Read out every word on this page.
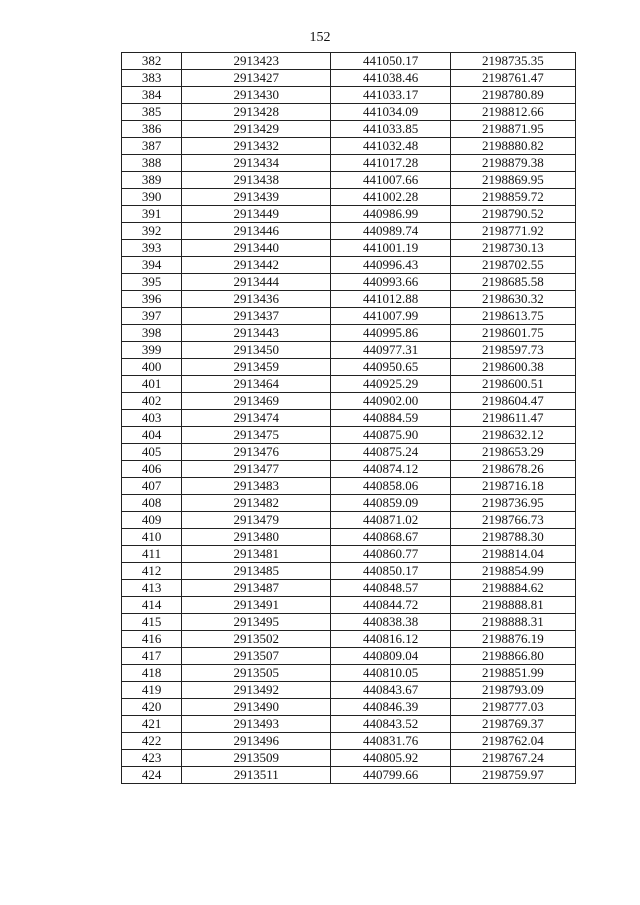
152
382	2913423	441050.17	2198735.35
383	2913427	441038.46	2198761.47
384	2913430	441033.17	2198780.89
385	2913428	441034.09	2198812.66
386	2913429	441033.85	2198871.95
387	2913432	441032.48	2198880.82
388	2913434	441017.28	2198879.38
389	2913438	441007.66	2198869.95
390	2913439	441002.28	2198859.72
391	2913449	440986.99	2198790.52
392	2913446	440989.74	2198771.92
393	2913440	441001.19	2198730.13
394	2913442	440996.43	2198702.55
395	2913444	440993.66	2198685.58
396	2913436	441012.88	2198630.32
397	2913437	441007.99	2198613.75
398	2913443	440995.86	2198601.75
399	2913450	440977.31	2198597.73
400	2913459	440950.65	2198600.38
401	2913464	440925.29	2198600.51
402	2913469	440902.00	2198604.47
403	2913474	440884.59	2198611.47
404	2913475	440875.90	2198632.12
405	2913476	440875.24	2198653.29
406	2913477	440874.12	2198678.26
407	2913483	440858.06	2198716.18
408	2913482	440859.09	2198736.95
409	2913479	440871.02	2198766.73
410	2913480	440868.67	2198788.30
411	2913481	440860.77	2198814.04
412	2913485	440850.17	2198854.99
413	2913487	440848.57	2198884.62
414	2913491	440844.72	2198888.81
415	2913495	440838.38	2198888.31
416	2913502	440816.12	2198876.19
417	2913507	440809.04	2198866.80
418	2913505	440810.05	2198851.99
419	2913492	440843.67	2198793.09
420	2913490	440846.39	2198777.03
421	2913493	440843.52	2198769.37
422	2913496	440831.76	2198762.04
423	2913509	440805.92	2198767.24
424	2913511	440799.66	2198759.97
